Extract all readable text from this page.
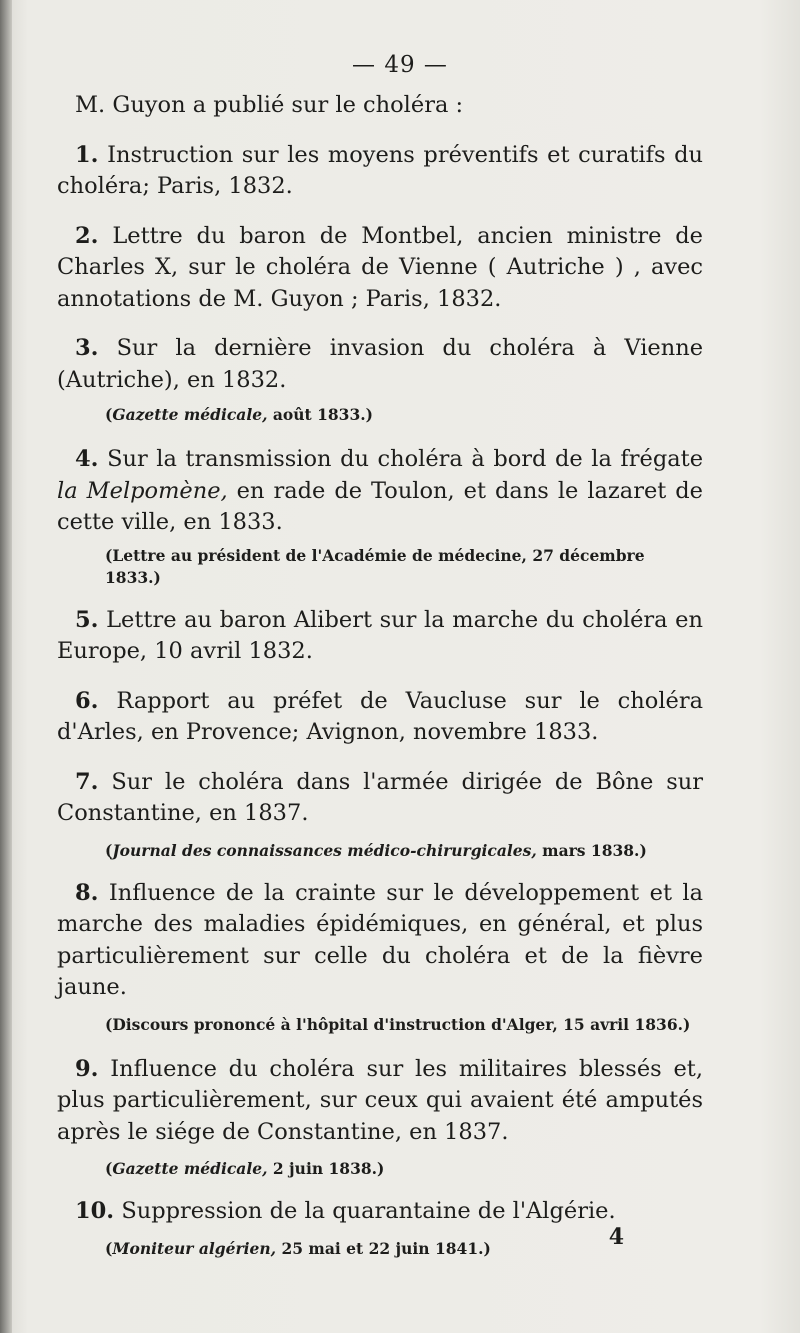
— 49 —

M. Guyon a publié sur le choléra :

1. Instruction sur les moyens préventifs et curatifs du choléra; Paris, 1832.

2. Lettre du baron de Montbel, ancien ministre de Charles X, sur le choléra de Vienne ( Autriche ) , avec annotations de M. Guyon ; Paris, 1832.

3. Sur la dernière invasion du choléra à Vienne (Autriche), en 1832.

(Gazette médicale, août 1833.)

4. Sur la transmission du choléra à bord de la frégate la Melpomène, en rade de Toulon, et dans le lazaret de cette ville, en 1833.

(Lettre au président de l'Académie de médecine, 27 décembre 1833.)

5. Lettre au baron Alibert sur la marche du choléra en Europe, 10 avril 1832.

6. Rapport au préfet de Vaucluse sur le choléra d'Arles, en Provence; Avignon, novembre 1833.

7. Sur le choléra dans l'armée dirigée de Bône sur Constantine, en 1837.

(Journal des connaissances médico-chirurgicales, mars 1838.)

8. Influence de la crainte sur le développement et la marche des maladies épidémiques, en général, et plus particulièrement sur celle du choléra et de la fièvre jaune.

(Discours prononcé à l'hôpital d'instruction d'Alger, 15 avril 1836.)

9. Influence du choléra sur les militaires blessés et, plus particulièrement, sur ceux qui avaient été amputés après le siége de Constantine, en 1837.

(Gazette médicale, 2 juin 1838.)

10. Suppression de la quarantaine de l'Algérie.

(Moniteur algérien, 25 mai et 22 juin 1841.)	4
